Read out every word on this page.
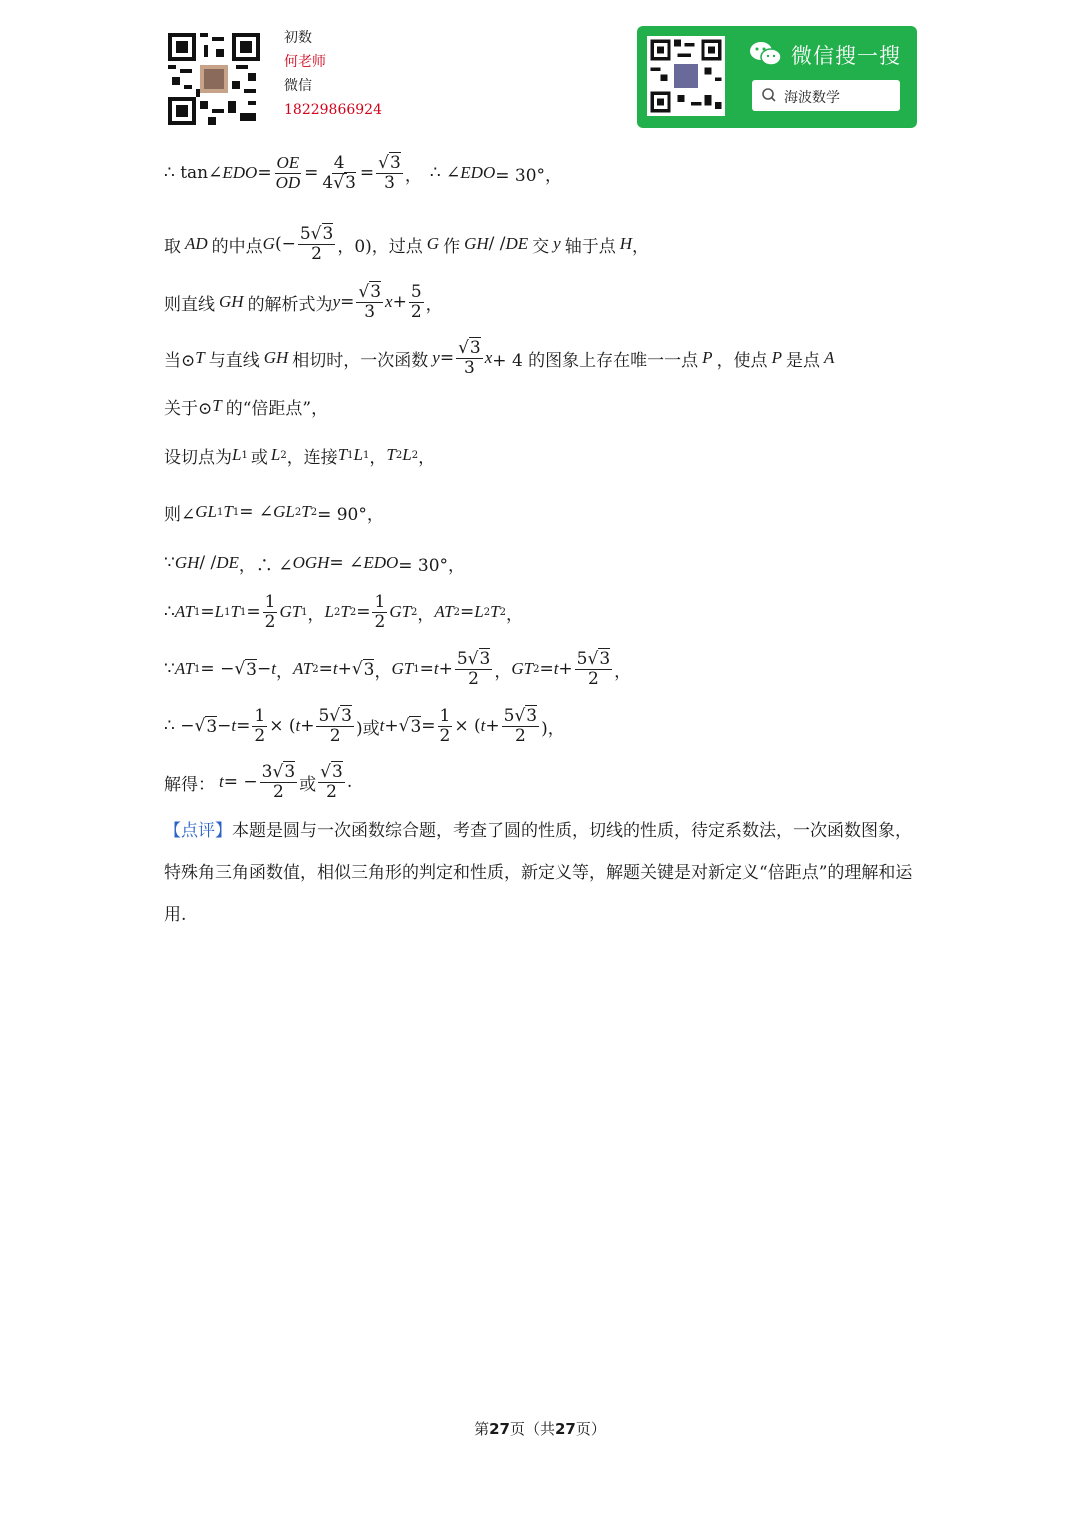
初数
何老师
微信
18229866924
微信搜一搜
海波数学
∴ tan∠ EDO = $\frac{OE}{OD} = \frac{4}{4√3} = \frac{√3}{3}$ ， ∴ ∠ EDO = 30°，
取 AD 的中点 G (− $\frac{5√3}{2}$ ，0)，过点 G 作 GH / / DE 交 y 轴于点 H ，
则直线 GH 的解析式为 $y = \frac{√3}{3}$ $x + \frac{5}{2}$ ，
当⊙ T 与直线 GH 相切时，一次函数 $y = \frac{√3}{3}$ x + 4 的图象上存在唯一一点 P ，使点 P 是点 A
关于⊙ T 的“倍距点”，
设切点为 L 1 或 L 2 ，连接 T 1 L 1 ， T 2 L 2 ，
则∠ GL 1 T 1 = ∠ GL 2 T 2 = 90°，
∵ GH / / DE ，∴ ∠ OGH = ∠ EDO = 30°，
∴ AT 1 = L 1 T $1 = \frac{1}{2}$ GT 1 ， L 2 T $2 = \frac{1}{2}$ GT 2 ， AT 2 = L 2 T 2 ，
∵ AT 1 = − √ 3 − t ， AT 2 = t + √ 3 ， GT $1 = t + \frac{5√3}{2}$ ， GT $2 = t + \frac{5√3}{2}$ ，
∴ − √ $3 - t = \frac{1}{2}$ × ( $t + \frac{5√3}{2}$ )或 t + √ $3 = \frac{1}{2}$ × ( $t + \frac{5√3}{2}$ )，
解得： t = − $\frac{3√3}{2}$ 或
√3
2 .
【点评】本题是圆与一次函数综合题，考查了圆的性质，切线的性质，待定系数法，一次函数图象，特殊角三角函数值，相似三角形的判定和性质，新定义等，解题关键是对新定义“倍距点”的理解和运用.
第27页（共27页）
